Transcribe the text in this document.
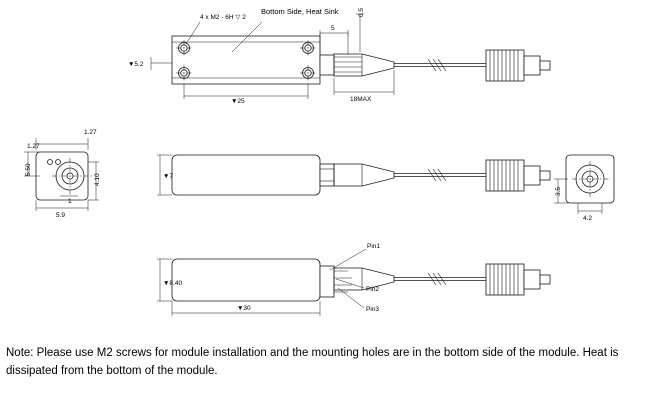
4 x M2 - 6H ▽ 2
Bottom Side, Heat Sink
▼25
▼5.2
5
0.5
18MAX
▼7
▼8.40
▼30
Pin1
Pin2
Pin3
1.27
1.27
5.50
1
4.10
5.9
3.5
4.2
Note: Please use M2 screws for module installation and the mounting holes are in the bottom side of the module. Heat is dissipated from the bottom of the module.
